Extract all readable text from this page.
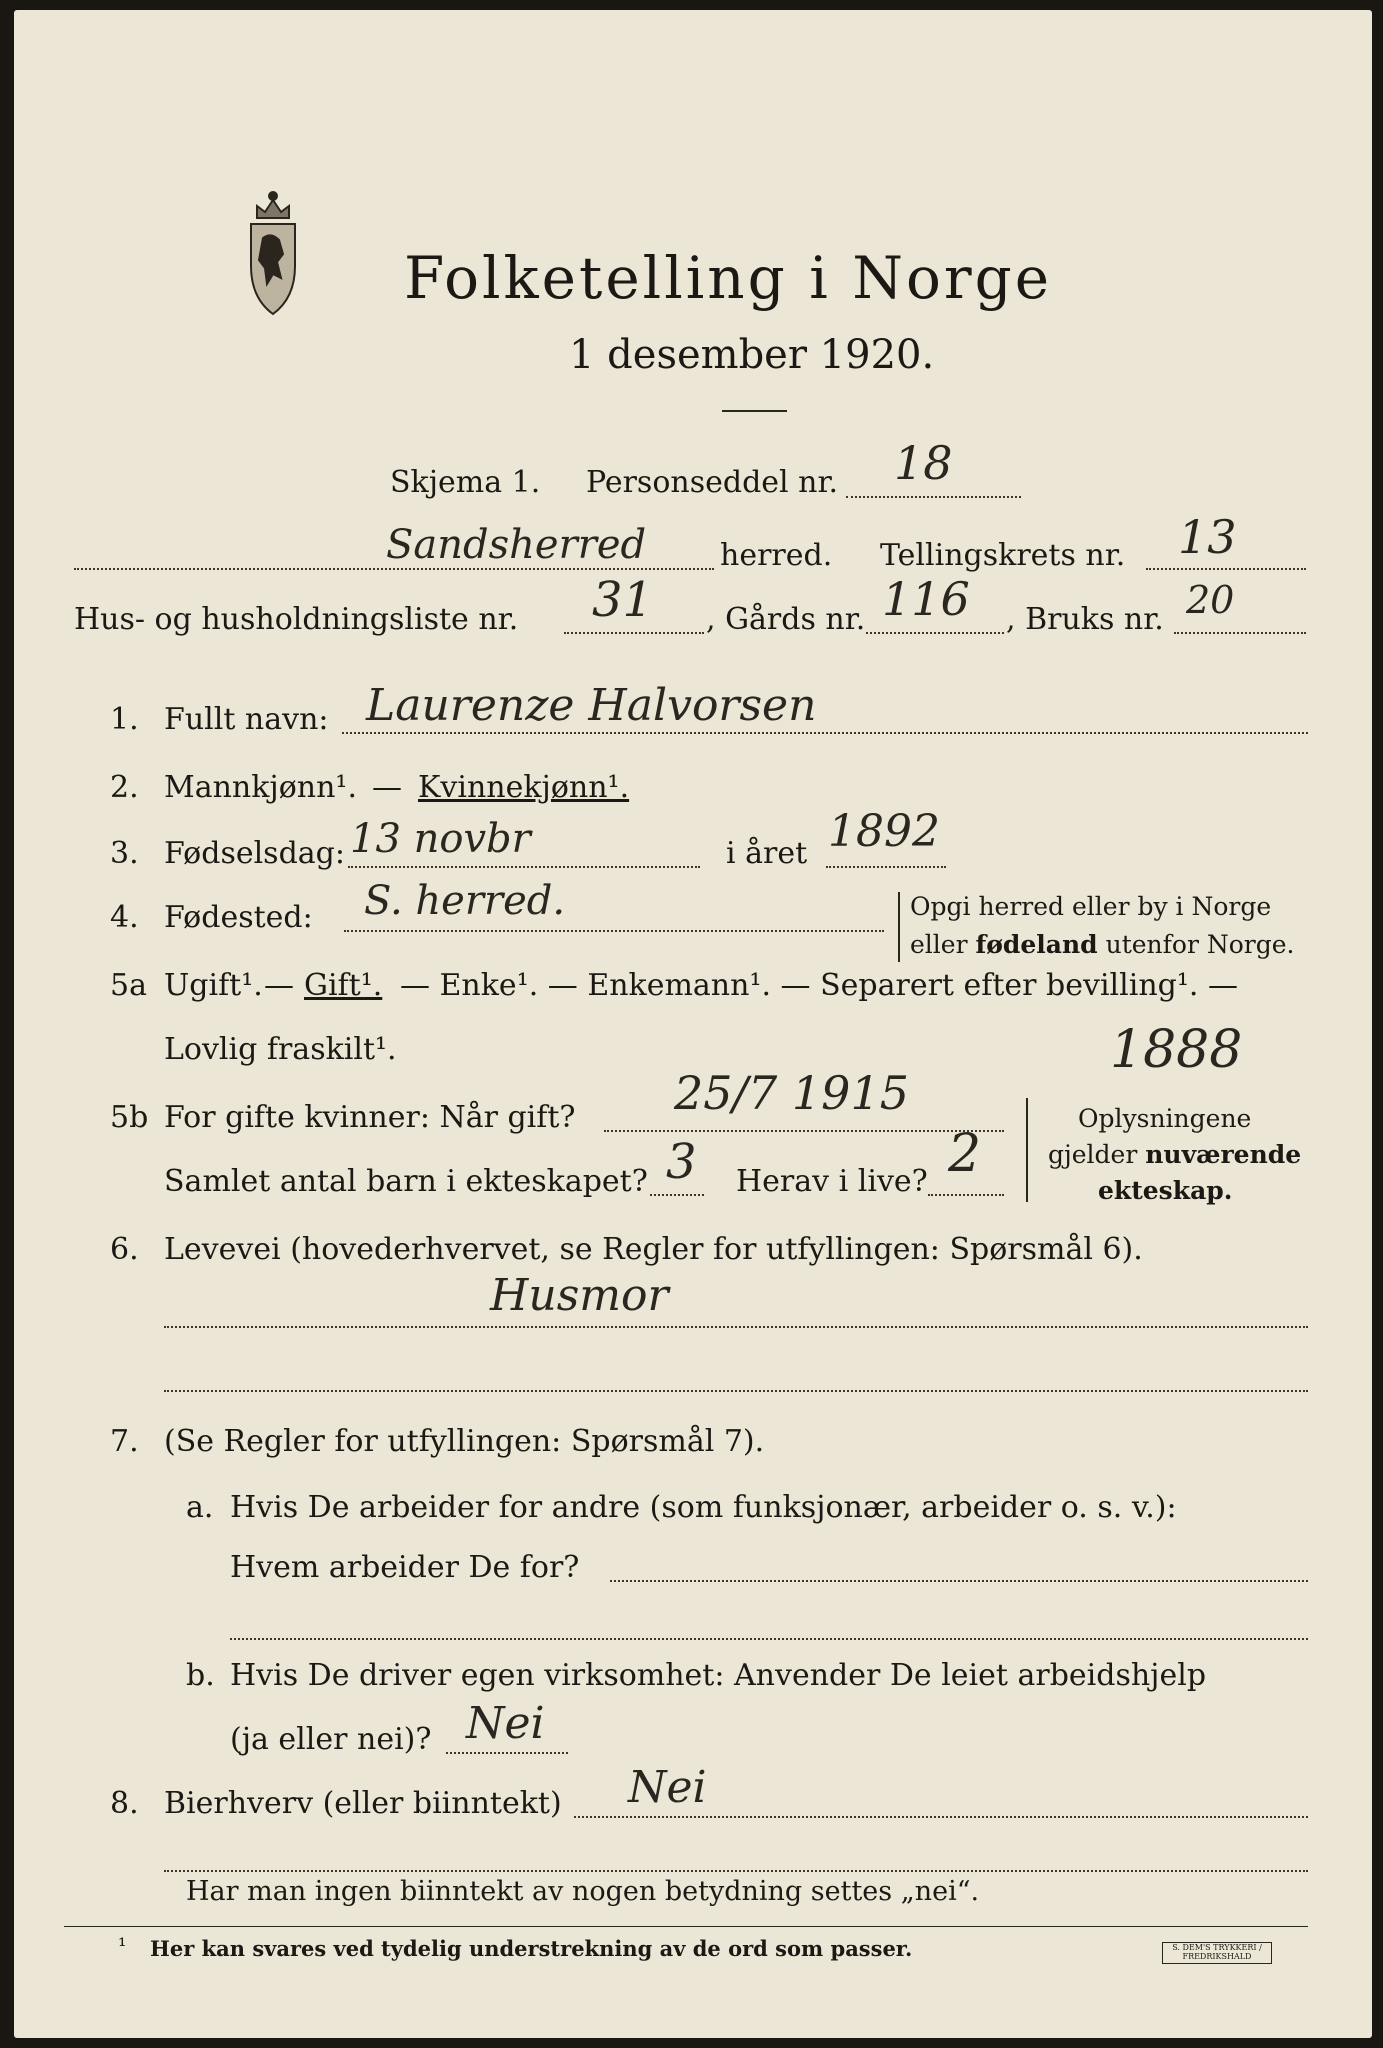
Folketelling i Norge
1 desember 1920.
Skjema 1. Personseddel nr. 18
Sandsherred herred. Tellingskrets nr. 13
Hus- og husholdningsliste nr. 31 , Gårds nr. 116 , Bruks nr. 20
1. Fullt navn: Laurenze Halvorsen
2. Mannkjønn¹. — Kvinnekjønn¹.
3. Fødselsdag: 13 novbr	i året 1892
4. Fødested: S. herred.	Opgi herred eller by i Norge
eller fødeland utenfor Norge.
5a Ugift¹. — Gift¹. — Enke¹. — Enkemann¹. — Separert efter bevilling¹. —
Lovlig fraskilt¹.	1888
5b For gifte kvinner: Når gift? 25/7 1915
Samlet antal barn i ekteskapet? 3 Herav i live? 2
Oplysningene
gjelder nuværende
ekteskap.
6. Levevei (hovederhvervet, se Regler for utfyllingen: Spørsmål 6).
Husmor
7. (Se Regler for utfyllingen: Spørsmål 7).
a. Hvis De arbeider for andre (som funksjonær, arbeider o. s. v.):
Hvem arbeider De for?
b. Hvis De driver egen virksomhet: Anvender De leiet arbeidshjelp
(ja eller nei)? Nei
8. Bierhverv (eller biinntekt) Nei
Har man ingen biinntekt av nogen betydning settes „nei“.
¹ Her kan svares ved tydelig understrekning av de ord som passer.	S. DEM'S TRYKKERI / FREDRIKSHALD
